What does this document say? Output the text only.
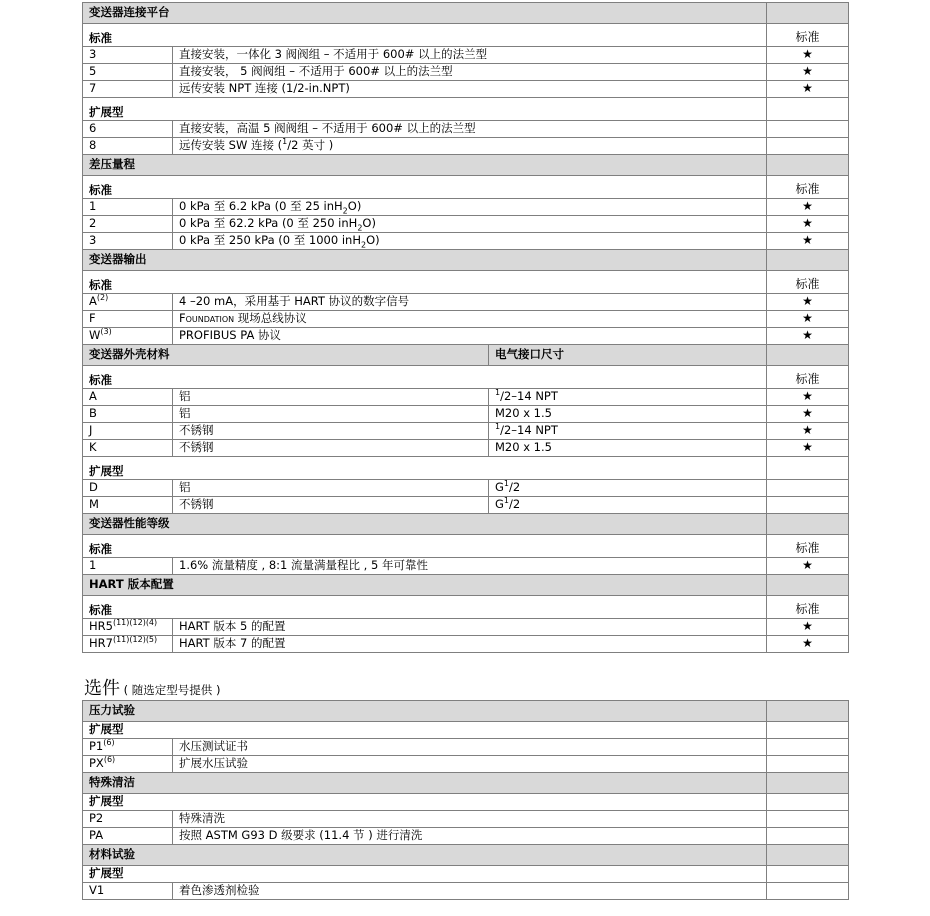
变送器连接平台			
标准			标准
3	直接安装，一体化 3 阀阀组 – 不适用于 600# 以上的法兰型		★
5	直接安装， 5 阀阀组 – 不适用于 600# 以上的法兰型		★
7	远传安装 NPT 连接 (1/2-in.NPT)		★
扩展型			
6	直接安装，高温 5 阀阀组 – 不适用于 600# 以上的法兰型		
8	远传安装 SW 连接 ($^1$/2 英寸 )		
差压量程			
标准			标准
1	0 kPa 至 6.2 kPa (0 至 25 inH$_2$O)		★
2	0 kPa 至 62.2 kPa (0 至 250 inH$_2$O)		★
3	0 kPa 至 250 kPa (0 至 1000 inH$_2$O)		★
变送器输出			
标准			标准
$A^{(2)}$	4 –20 mA，采用基于 HART 协议的数字信号		★
F	Foundation 现场总线协议		★
$W^{(3)}$	PROFIBUS PA 协议		★
变送器外壳材料		电气接口尺寸	
标准			标准
A	铝	$^1$/2–14 NPT	★
B	铝	M20 x 1.5	★
J	不锈钢	$^1$/2–14 NPT	★
K	不锈钢	M20 x 1.5	★
扩展型			
D	铝	$G^1/2$	
M	不锈钢	$G^1/2$	
变送器性能等级			
标准			标准
1	1.6% 流量精度 , 8:1 流量满量程比 , 5 年可靠性		★
HART 版本配置			
标准			标准
$HR5^{(11)(12)(4)}$	HART 版本 5 的配置		★
$HR7^{(11)(12)(5)}$	HART 版本 7 的配置		★
选件 ( 随选定型号提供 )
压力试验		
扩展型		
P1$^{(6)}$	水压测试证书	
PX$^{(6)}$	扩展水压试验	
特殊清洁		
扩展型		
P2	特殊清洗	
PA	按照 ASTM G93 D 级要求 (11.4 节 ) 进行清洗	
材料试验		
扩展型		
V1	着色渗透剂检验	
